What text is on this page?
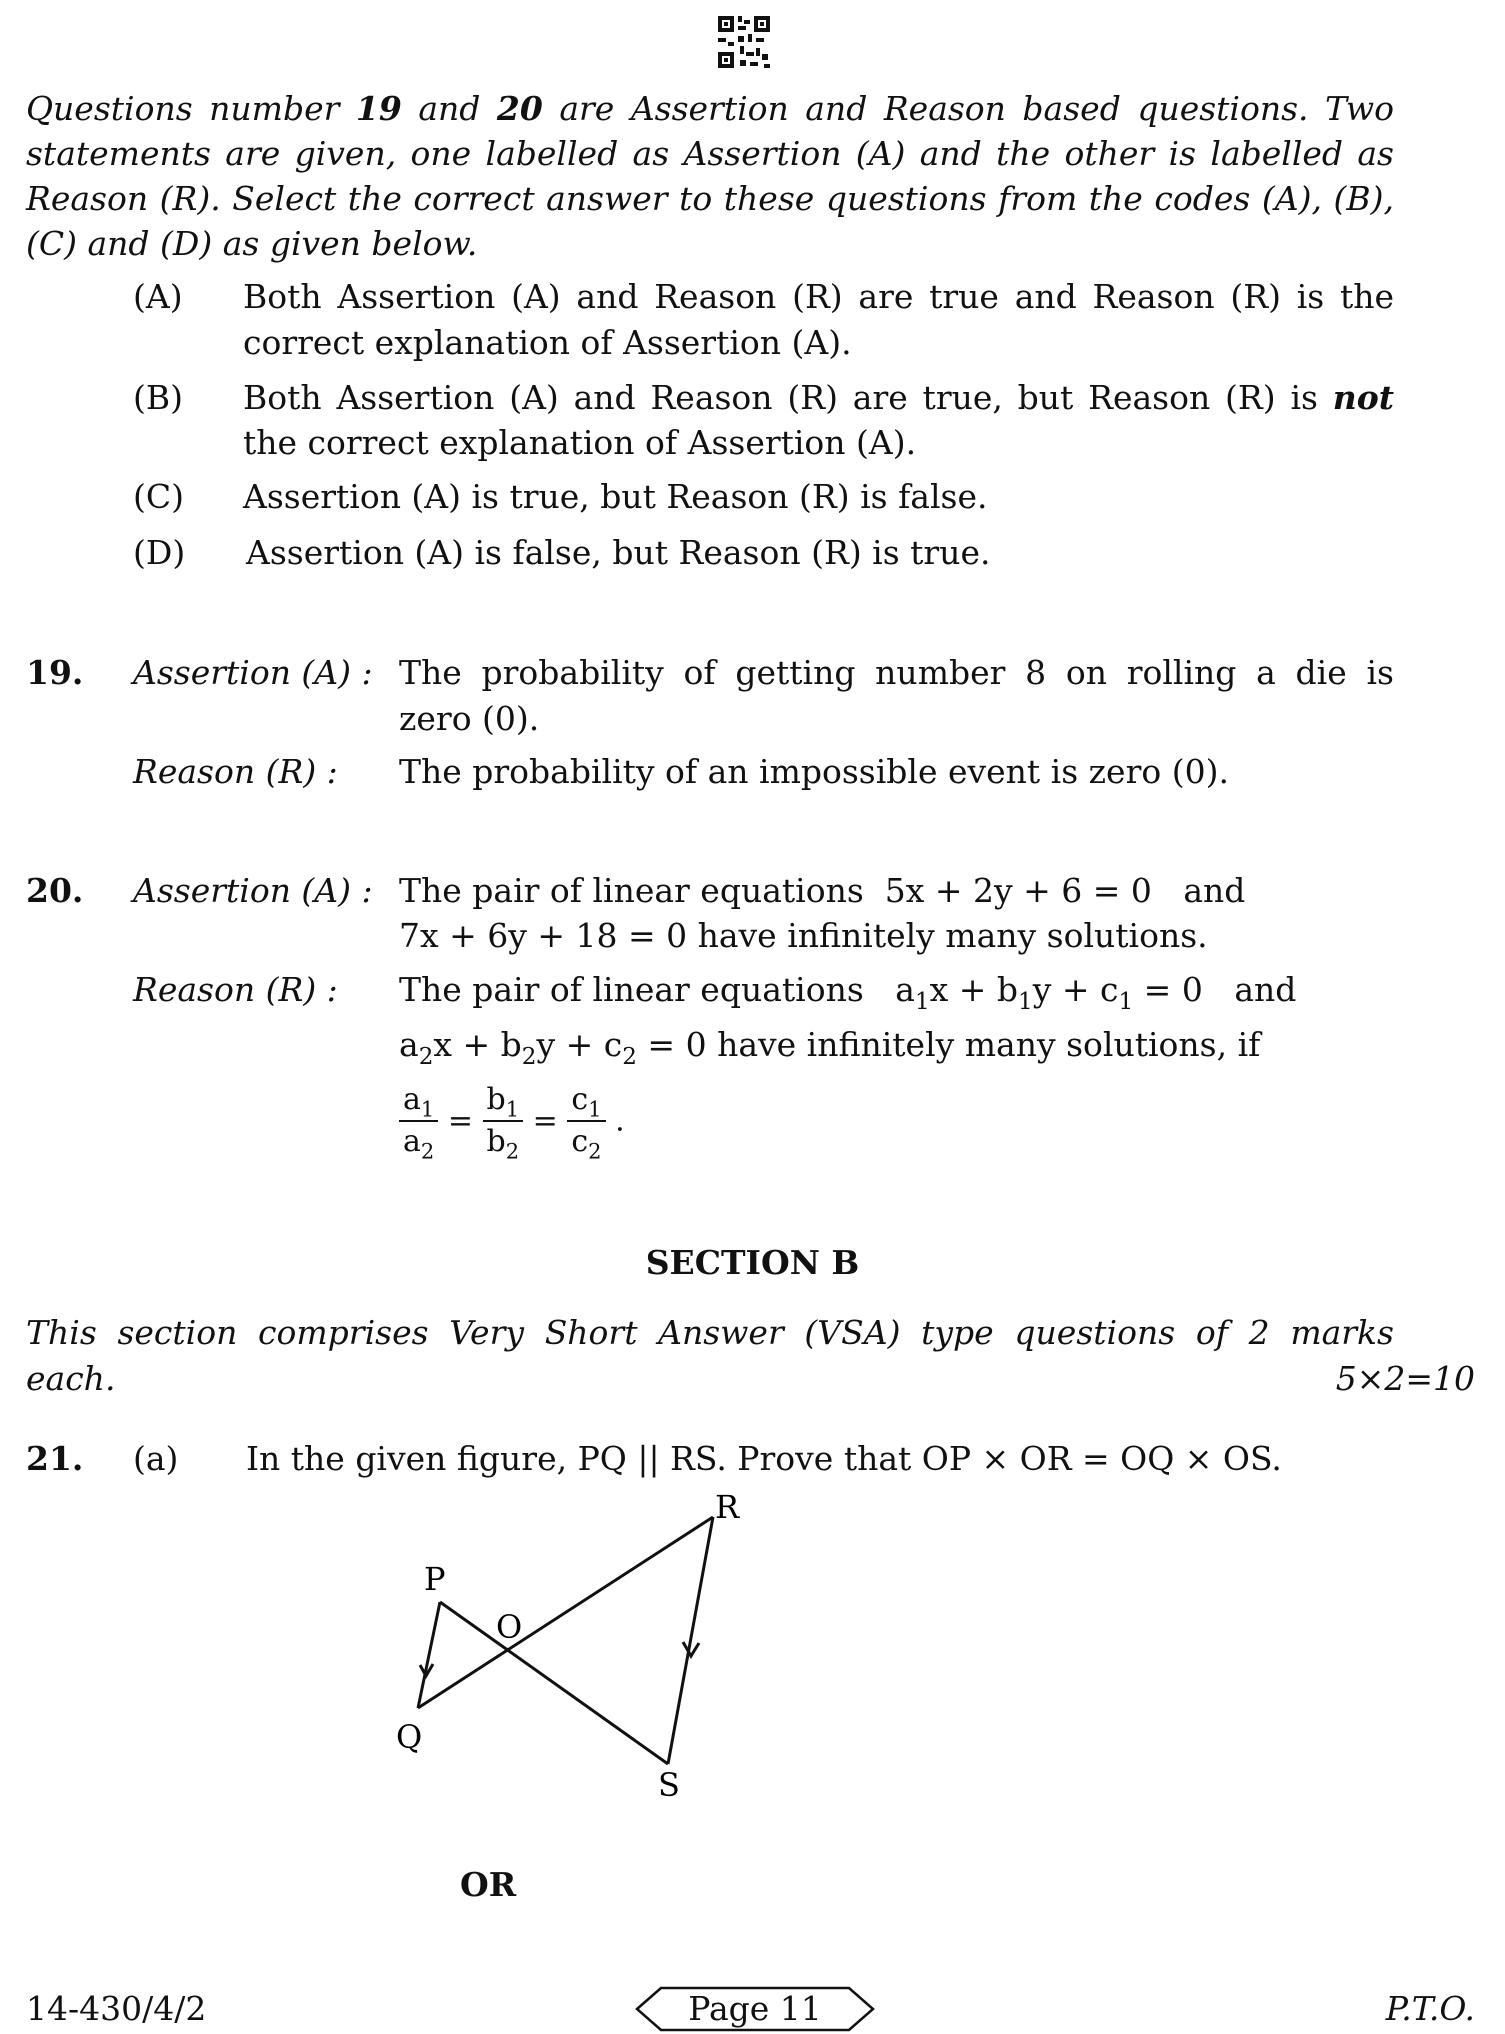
Questions number 19 and 20 are Assertion and Reason based questions. Two
statements are given, one labelled as Assertion (A) and the other is labelled as
Reason (R). Select the correct answer to these questions from the codes (A), (B),
(C) and (D) as given below.
(A) Both Assertion (A) and Reason (R) are true and Reason (R) is the
correct explanation of Assertion (A).
(B) Both Assertion (A) and Reason (R) are true, but Reason (R) is not
the correct explanation of Assertion (A).
(C) Assertion (A) is true, but Reason (R) is false.
(D) Assertion (A) is false, but Reason (R) is true.
19. Assertion (A) : The probability of getting number 8 on rolling a die is
zero (0).
Reason (R) : The probability of an impossible event is zero (0).
20. Assertion (A) : The pair of linear equations 5x + 2y + 6 = 0 and
7x + 6y + 18 = 0 have infinitely many solutions.
Reason (R) : The pair of linear equations $a_1x + b_1y + c_1 = 0$ and
$a_2x + b_2y + c_2 = 0$ have infinitely many solutions, if
$\frac{a_1}{a_2} = \frac{b_1}{b_2} = \frac{c_1}{c_2}$ .
SECTION B
This section comprises Very Short Answer (VSA) type questions of 2 marks
each.	5×2=10
21. (a) In the given figure, PQ || RS. Prove that OP × OR = OQ × OS.
P
Q
R
S
O
OR
14-430/4/2	Page 11	P.T.O.
